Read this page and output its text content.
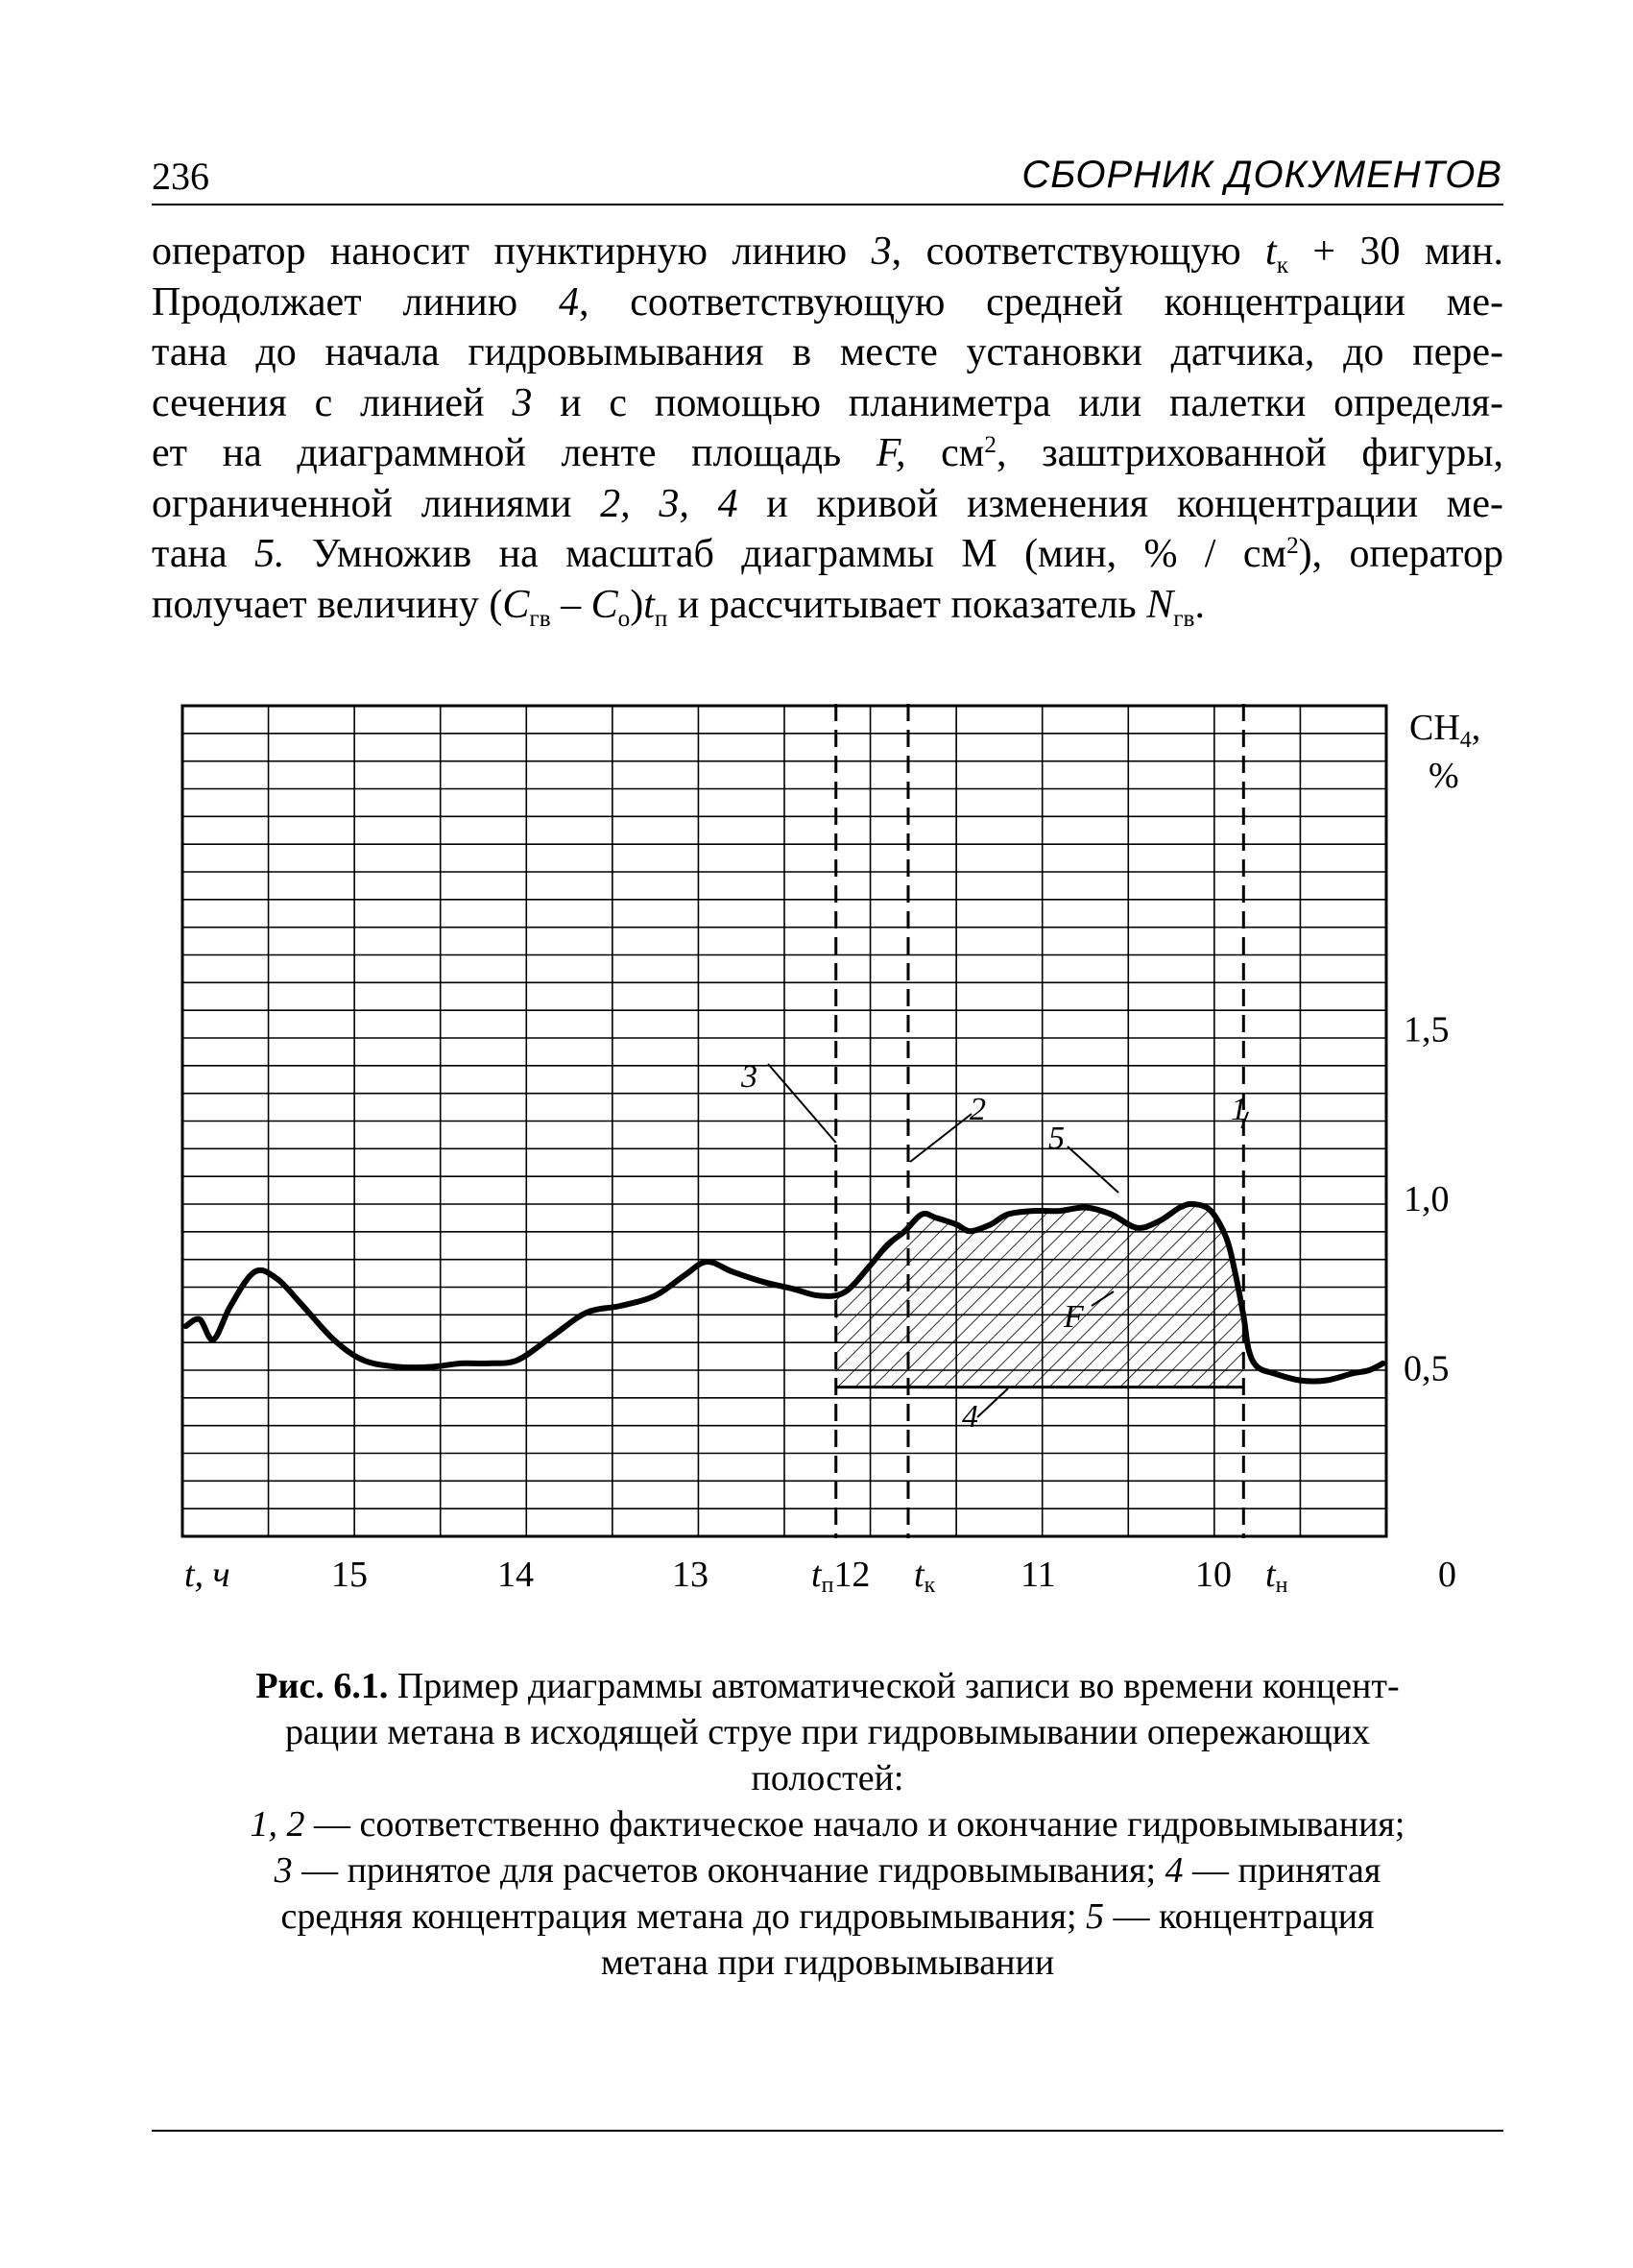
236	СБОРНИК ДОКУМЕНТОВ
оператор наносит пунктирную линию 3, соответствующую $t_к + 30$ мин.
Продолжает линию 4, соответствующую средней концентрации ме-
тана до начала гидровымывания в месте установки датчика, до пере-
сечения с линией 3 и с помощью планиметра или палетки определя-
ет на диаграммной ленте площадь F, $см^2$, заштрихованной фигуры,
ограниченной линиями 2, 3, 4 и кривой изменения концентрации ме-
тана 5. Умножив на масштаб диаграммы М (мин, % / $см^2$), оператор
получает величину $(C_{гв} - C_о)t_п$ и рассчитывает показатель $N_{гв}$.
$CH_4$,
%
1,5
1,0
0,5
t, ч	15	14	13	tп12 tк 11	10 tн	0
3
2	1
5
F
4
Рис. 6.1. Пример диаграммы автоматической записи во времени концент-
рации метана в исходящей струе при гидровымывании опережающих
полостей:
1, 2 — соответственно фактическое начало и окончание гидровымывания;
3 — принятое для расчетов окончание гидровымывания; 4 — принятая
средняя концентрация метана до гидровымывания; 5 — концентрация
метана при гидровымывании
